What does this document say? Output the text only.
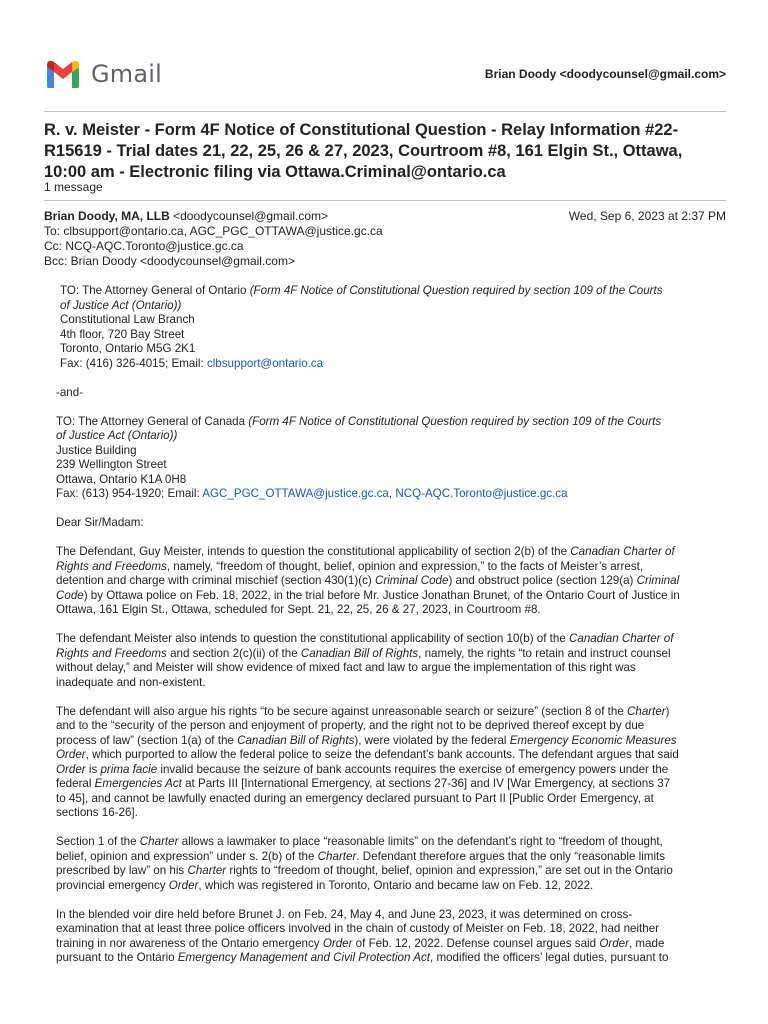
Gmail	Brian Doody <doodycounsel@gmail.com>
R. v. Meister - Form 4F Notice of Constitutional Question - Relay Information #22-R15619 - Trial dates 21, 22, 25, 26 & 27, 2023, Courtroom #8, 161 Elgin St., Ottawa, 10:00 am - Electronic filing via Ottawa.Criminal@ontario.ca
1 message
Brian Doody, MA, LLB <doodycounsel@gmail.com>	Wed, Sep 6, 2023 at 2:37 PM
To: clbsupport@ontario.ca, AGC_PGC_OTTAWA@justice.gc.ca
Cc: NCQ-AQC.Toronto@justice.gc.ca
Bcc: Brian Doody <doodycounsel@gmail.com>

TO: The Attorney General of Ontario (Form 4F Notice of Constitutional Question required by section 109 of the Courts
of Justice Act (Ontario))
Constitutional Law Branch
4th floor, 720 Bay Street
Toronto, Ontario M5G 2K1
Fax: (416) 326-4015; Email: clbsupport@ontario.ca

-and-

TO: The Attorney General of Canada (Form 4F Notice of Constitutional Question required by section 109 of the Courts
of Justice Act (Ontario))
Justice Building
239 Wellington Street
Ottawa, Ontario K1A 0H8
Fax: (613) 954-1920; Email: AGC_PGC_OTTAWA@justice.gc.ca, NCQ-AQC.Toronto@justice.gc.ca

Dear Sir/Madam:

The Defendant, Guy Meister, intends to question the constitutional applicability of section 2(b) of the Canadian Charter of
Rights and Freedoms, namely, “freedom of thought, belief, opinion and expression,” to the facts of Meister’s arrest,
detention and charge with criminal mischief (section 430(1)(c) Criminal Code) and obstruct police (section 129(a) Criminal
Code) by Ottawa police on Feb. 18, 2022, in the trial before Mr. Justice Jonathan Brunet, of the Ontario Court of Justice in
Ottawa, 161 Elgin St., Ottawa, scheduled for Sept. 21, 22, 25, 26 & 27, 2023, in Courtroom #8.

The defendant Meister also intends to question the constitutional applicability of section 10(b) of the Canadian Charter of
Rights and Freedoms and section 2(c)(ii) of the Canadian Bill of Rights, namely, the rights “to retain and instruct counsel
without delay,” and Meister will show evidence of mixed fact and law to argue the implementation of this right was
inadequate and non-existent.

The defendant will also argue his rights “to be secure against unreasonable search or seizure” (section 8 of the Charter)
and to the “security of the person and enjoyment of property, and the right not to be deprived thereof except by due
process of law” (section 1(a) of the Canadian Bill of Rights), were violated by the federal Emergency Economic Measures
Order, which purported to allow the federal police to seize the defendant’s bank accounts. The defendant argues that said
Order is prima facie invalid because the seizure of bank accounts requires the exercise of emergency powers under the
federal Emergencies Act at Parts III [International Emergency, at sections 27-36] and IV [War Emergency, at sections 37
to 45], and cannot be lawfully enacted during an emergency declared pursuant to Part II [Public Order Emergency, at
sections 16-26].

Section 1 of the Charter allows a lawmaker to place “reasonable limits” on the defendant’s right to “freedom of thought,
belief, opinion and expression” under s. 2(b) of the Charter. Defendant therefore argues that the only “reasonable limits
prescribed by law” on his Charter rights to “freedom of thought, belief, opinion and expression,” are set out in the Ontario
provincial emergency Order, which was registered in Toronto, Ontario and became law on Feb. 12, 2022.

In the blended voir dire held before Brunet J. on Feb. 24, May 4, and June 23, 2023, it was determined on cross-
examination that at least three police officers involved in the chain of custody of Meister on Feb. 18, 2022, had neither
training in nor awareness of the Ontario emergency Order of Feb. 12, 2022. Defense counsel argues said Order, made
pursuant to the Ontario Emergency Management and Civil Protection Act, modified the officers’ legal duties, pursuant to
